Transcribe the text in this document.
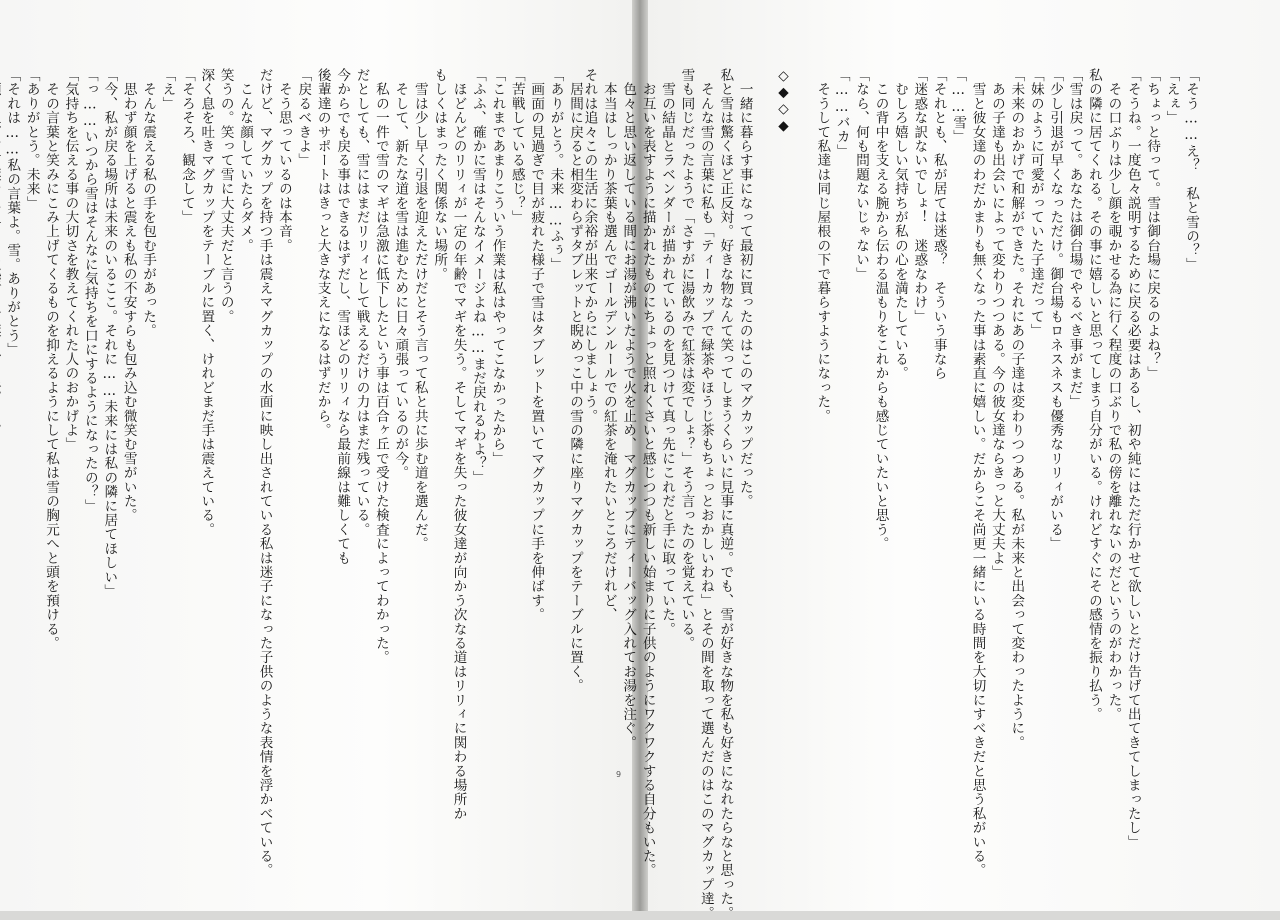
　居間に戻ると相変わらずタブレットと睨めっこ中の雪の隣に座りマグカップをテーブルに置く。
「ありがとう。未来……ふぅ」
　画面の見過ぎで目が疲れた様子で雪はタブレットを置いてマグカップに手を伸ばす。
「苦戦している感じ？」
「これまであまりこういう作業は私はやってこなかったから」
「ふふ、確かに雪はそんなイメージよね……まだ戻れるわよ？」
　ほどんどのリリィが一定の年齢でマギを失う。そしてマギを失った彼女達が向かう次なる道はリリィに関わる場所か
もしくはまったく関係ない場所。
　雪は少し早く引退を迎えただけだとそう言って私と共に歩む道を選んだ。
　そして、新たな道を雪は進むために日々頑張っているのが今。
　私の一件で雪のマギは急激に低下したという事は百合ヶ丘で受けた検査によってわかった。
だとしても、雪にはまだリリィとして戦えるだけの力はまだ残っている。
今からでも戻る事はできるはずだし、雪ほどのリリィなら最前線は難しくても
後輩達のサポートはきっと大きな支えになるはずだから。
「戻るべきよ」
　そう思っているのは本音。
だけど、マグカップを持つ手は震えマグカップの水面に映し出されている私は迷子になった子供のような表情を浮かべている。
　こんな顔していたらダメ。
笑うの。笑って雪に大丈夫だと言うの。
深く息を吐きマグカップをテーブルに置く、けれどまだ手は震えている。
「そろそろ、観念して」
「え」
　そんな震える私の手を包む手があった。
　思わず顔を上げると震えも私の不安すらも包み込む微笑む雪がいた。
「今、私が戻る場所は未来のいるここ。それに……未来には私の隣に居てほしい」
「っ……いつから雪はそんなに気持ちを口にするようになったの？」
「気持ちを伝える事の大切さを教えてくれた人のおかげよ」
　その言葉と笑みにこみ上げてくるものを抑えるようにして私は雪の胸元へと頭を預ける。
「ありがとう。未来」
「それは……私の言葉よ。雪。ありがとう」	「そう……え？　私と雪の？」
「えぇ」
「ちょっと待って。雪は御台場に戻るのよね？」
「そうね。一度色々説明するために戻る必要はあるし、初や純にはただ行かせて欲しいとだけ告げて出てきてしまったし」
　その口ぶりは少し顔を覗かせる為に行く程度の口ぶりで私の傍を離れないのだというのがわかった。
私の隣に居てくれる。その事に嬉しいと思ってしまう自分がいる。けれどすぐにその感情を振り払う。
「雪は戻って。あなたは御台場でやるべき事がまだ」
「少し引退が早くなっただけ。御台場もロネスネスも優秀なリリィがいる」
「妹のように可愛がっていた子達だって」
「未来のおかげで和解ができた。それにあの子達は変わりつつある。私が未来と出会って変わったように。
　あの子達も出会いによって変わりつつある。今の彼女達ならきっと大丈夫よ」
　雪と彼女達のわだかまりも無くなった事は素直に嬉しい。だからこそ尚更一緒にいる時間を大切にすべきだと思う私がいる。
「……雪」
「それとも、私が居ては迷惑？　そういう事なら
「迷惑な訳ないでしょ！　迷惑なわけ」
　むしろ嬉しい気持ちが私の心を満たしている。
　この背中を支える腕から伝わる温もりをこれからも感じていたいと思う。
「なら、何も問題ないじゃない」
「……バカ」
　そうして私達は同じ屋根の下で暮らすようになった。

◇◆◇◆

　一緒に暮らす事になって最初に買ったのはこのマグカップだった。
私と雪は驚くほど正反対。好きな物なんて笑ってしまうくらいに見事に真逆。でも、雪が好きな物を私も好きになれたらなと思った。
　そんな雪の言葉に私も「ティーカップで緑茶やほうじ茶もちょっとおかしいわね」とその間を取って選んだのはこのマグカップ達。
雪も同じだったようで「さすがに湯飲みで紅茶は変でしょ？」そう言ったのを覚えている。
　雪の結晶とラベンダーが描かれているのを見つけて真っ先にこれだと手に取っていた。
　お互いを表すように描かれたものにちょっと照れくさいと感じつつも新しい始まりに子供のようにワクワクする自分もいた。
　色々と思い返している間にお湯が沸いたようで火を止め、マグカップにティーバッグ入れてお湯を注ぐ。
　本当はしっかり茶葉も選んでゴールデンルールでの紅茶を淹れたいところだけれど、
それは追々この生活に余裕が出来てからにしましょう。
9
